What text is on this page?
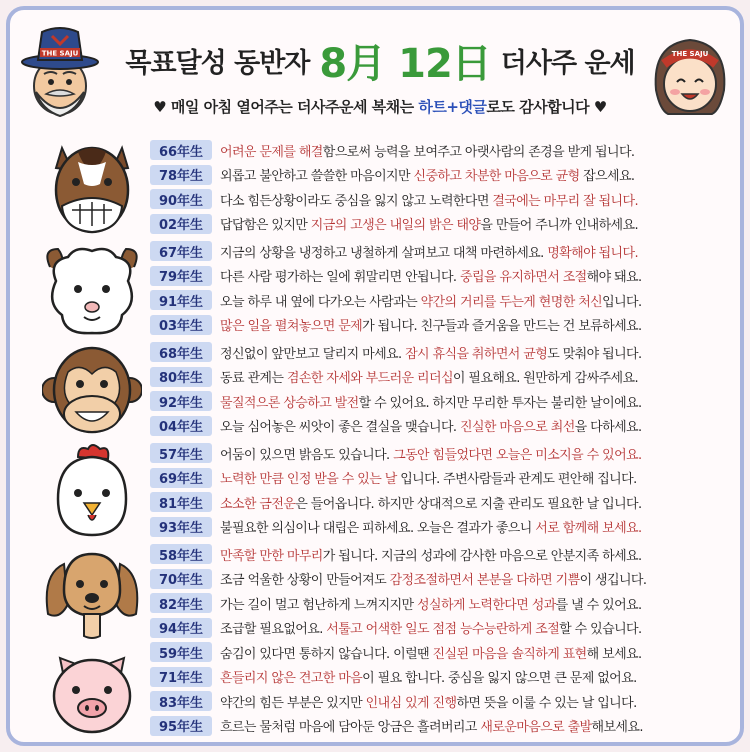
THE SAJU 목표달성 동반자 8月 12日 더사주 운세
♥ 매일 아침 열어주는 더사주운세 복채는 하트+댓글로도 감사합니다 ♥
THE SAJU
66年生	어려운 문제를 해결함으로써 능력을 보여주고 아랫사람의 존경을 받게 됩니다.
78年生	외롭고 불안하고 쓸쓸한 마음이지만 신중하고 차분한 마음으로 균형 잡으세요.
90年生	다소 힘든상황이라도 중심을 잃지 않고 노력한다면 결국에는 마무리 잘 됩니다.
02年生	답답함은 있지만 지금의 고생은 내일의 밝은 태양을 만들어 주니까 인내하세요.
67年生	지금의 상황을 냉정하고 냉철하게 살펴보고 대책 마련하세요. 명확해야 됩니다.
79年生	다른 사람 평가하는 일에 휘말리면 안됩니다. 중립을 유지하면서 조절해야 돼요.
91年生	오늘 하루 내 옆에 다가오는 사람과는 약간의 거리를 두는게 현명한 처신입니다.
03年生	많은 일을 펼쳐놓으면 문제가 됩니다. 친구들과 즐거움을 만드는 건 보류하세요.
68年生	정신없이 앞만보고 달리지 마세요. 잠시 휴식을 취하면서 균형도 맞춰야 됩니다.
80年生	동료 관계는 겸손한 자세와 부드러운 리더십이 필요해요. 원만하게 감싸주세요.
92年生	물질적으론 상승하고 발전할 수 있어요. 하지만 무리한 투자는 불리한 날이에요.
04年生	오늘 심어놓은 씨앗이 좋은 결실을 맺습니다. 진실한 마음으로 최선을 다하세요.
57年生	어둠이 있으면 밝음도 있습니다. 그동안 힘들었다면 오늘은 미소지을 수 있어요.
69年生	노력한 만큼 인정 받을 수 있는 날 입니다. 주변사람들과 관계도 편안해 집니다.
81年生	소소한 금전운은 들어옵니다. 하지만 상대적으로 지출 관리도 필요한 날 입니다.
93年生	불필요한 의심이나 대립은 피하세요. 오늘은 결과가 좋으니 서로 함께해 보세요.
58年生	만족할 만한 마무리가 됩니다. 지금의 성과에 감사한 마음으로 안분지족 하세요.
70年生	조금 억울한 상황이 만들어져도 감정조절하면서 본분을 다하면 기쁨이 생깁니다.
82年生	가는 길이 멀고 험난하게 느껴지지만 성실하게 노력한다면 성과를 낼 수 있어요.
94年生	조급할 필요없어요. 서툴고 어색한 일도 점점 능수능란하게 조절할 수 있습니다.
59年生	숨김이 있다면 통하지 않습니다. 이럴땐 진실된 마음을 솔직하게 표현해 보세요.
71年生	흔들리지 않은 견고한 마음이 필요 합니다. 중심을 잃지 않으면 큰 문제 없어요.
83年生	약간의 힘든 부분은 있지만 인내심 있게 진행하면 뜻을 이룰 수 있는 날 입니다.
95年生	흐르는 물처럼 마음에 담아둔 앙금은 흘려버리고 새로운마음으로 출발해보세요.
